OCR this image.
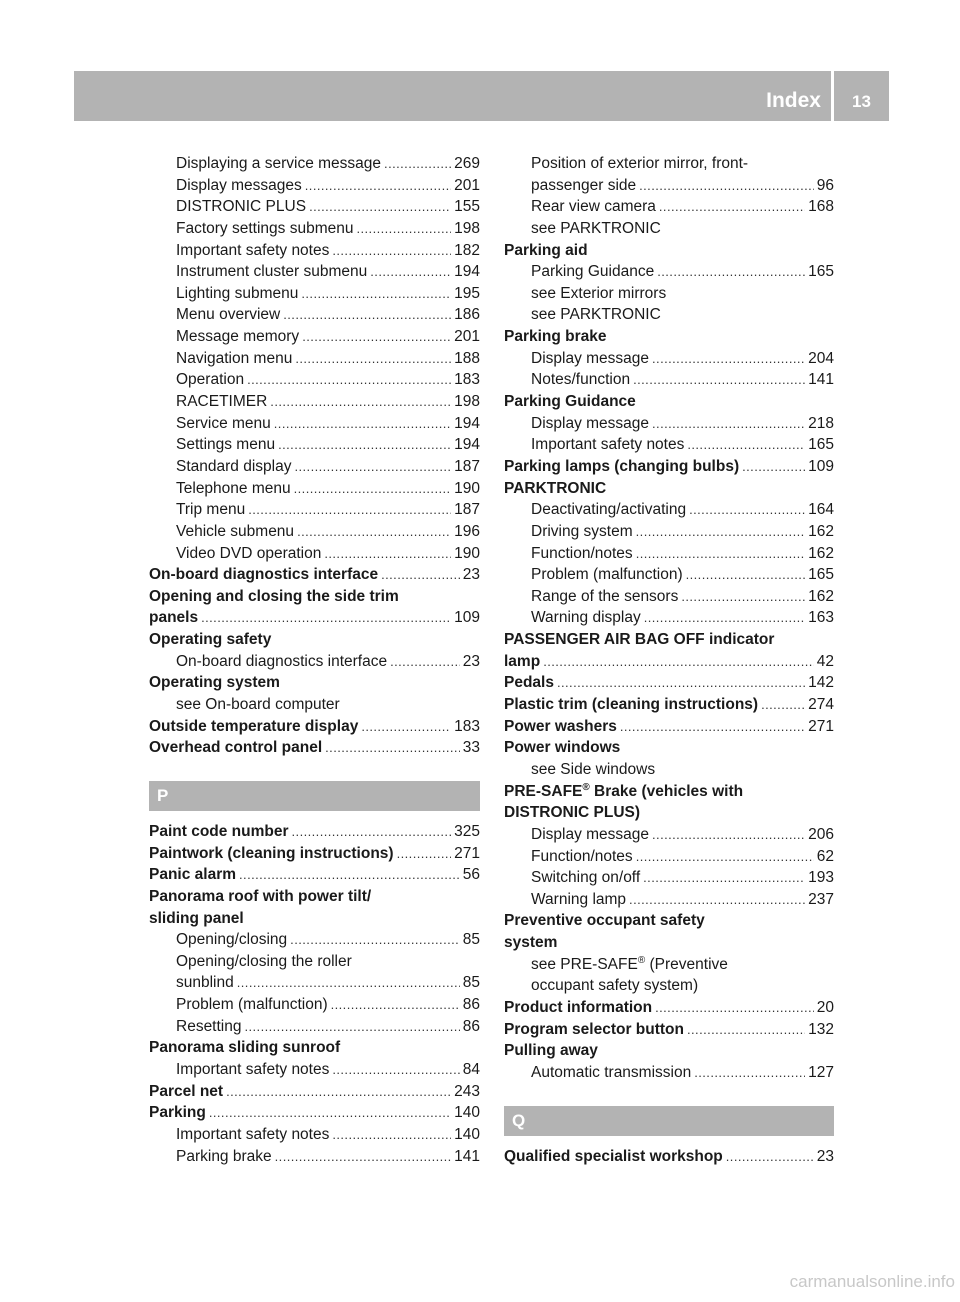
Index	13
Displaying a service message . . .	269
Display messages . . .	201
DISTRONIC PLUS . . .	155
Factory settings submenu . . .	198
Important safety notes . . .	182
Instrument cluster submenu . . .	194
Lighting submenu . . .	195
Menu overview . . .	186
Message memory . . .	201
Navigation menu . . .	188
Operation . . .	183
RACETIMER . . .	198
Service menu . . .	194
Settings menu . . .	194
Standard display . . .	187
Telephone menu . . .	190
Trip menu . . .	187
Vehicle submenu . . .	196
Video DVD operation . . .	190
On-board diagnostics interface . . .	23
Opening and closing the side trim
panels . . .	109
Operating safety
On-board diagnostics interface . . .	23
Operating system
see On-board computer
Outside temperature display . . .	183
Overhead control panel . . .	33
P
Paint code number . . .	325
Paintwork (cleaning instructions) . . .	271
Panic alarm . . .	56
Panorama roof with power tilt/
sliding panel
Opening/closing . . .	85
Opening/closing the roller
sunblind . . .	85
Problem (malfunction) . . .	86
Resetting . . .	86
Panorama sliding sunroof
Important safety notes . . .	84
Parcel net . . .	243
Parking . . .	140
Important safety notes . . .	140
Parking brake . . .	141
Position of exterior mirror, front-
passenger side . . .	96
Rear view camera . . .	168
see PARKTRONIC
Parking aid
Parking Guidance . . .	165
see Exterior mirrors
see PARKTRONIC
Parking brake
Display message . . .	204
Notes/function . . .	141
Parking Guidance
Display message . . .	218
Important safety notes . . .	165
Parking lamps (changing bulbs) . . .	109
PARKTRONIC
Deactivating/activating . . .	164
Driving system . . .	162
Function/notes . . .	162
Problem (malfunction) . . .	165
Range of the sensors . . .	162
Warning display . . .	163
PASSENGER AIR BAG OFF indicator
lamp . . .	42
Pedals . . .	142
Plastic trim (cleaning instructions) . . .	274
Power washers . . .	271
Power windows
see Side windows
PRE-SAFE® Brake (vehicles with
DISTRONIC PLUS)
Display message . . .	206
Function/notes . . .	62
Switching on/off . . .	193
Warning lamp . . .	237
Preventive occupant safety
system
see PRE-SAFE® (Preventive
occupant safety system)
Product information . . .	20
Program selector button . . .	132
Pulling away
Automatic transmission . . .	127
Q
Qualified specialist workshop . . .	23
carmanualsonline.info
